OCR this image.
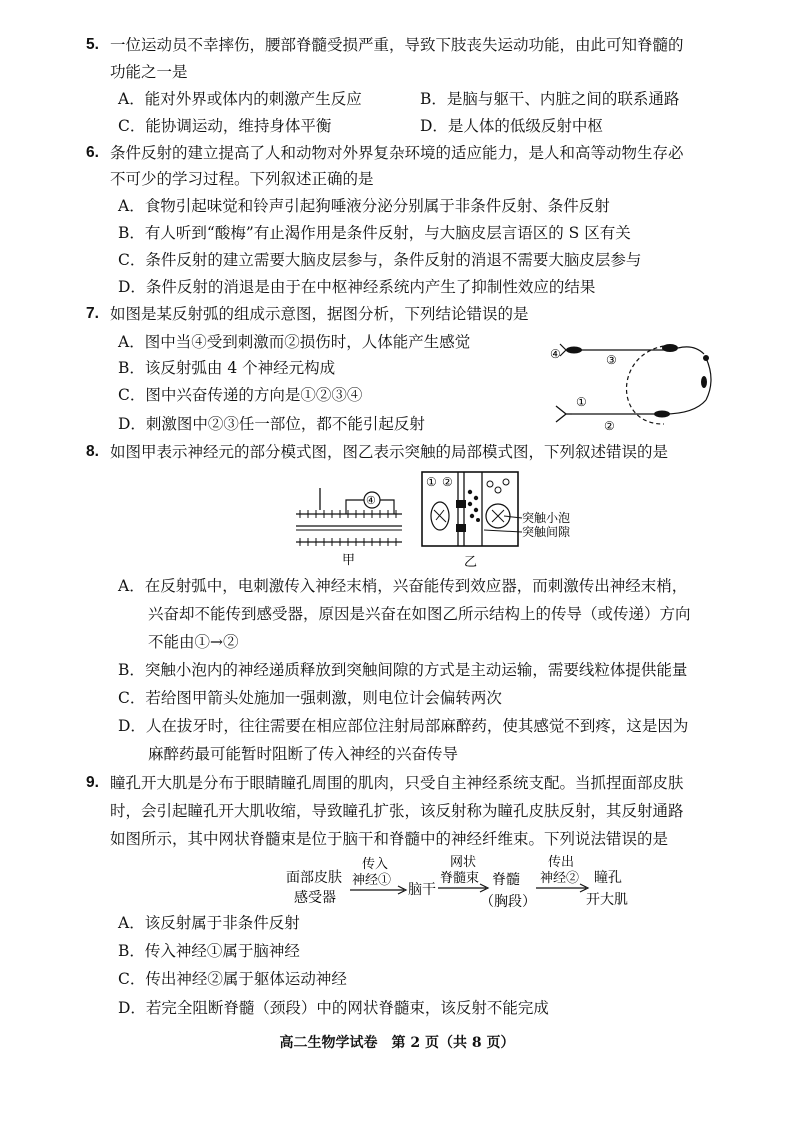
5. 一位运动员不幸摔伤，腰部脊髓受损严重，导致下肢丧失运动功能，由此可知脊髓的
功能之一是
A．能对外界或体内的刺激产生反应	B．是脑与躯干、内脏之间的联系通路
C．能协调运动，维持身体平衡	D．是人体的低级反射中枢
6. 条件反射的建立提高了人和动物对外界复杂环境的适应能力，是人和高等动物生存必
不可少的学习过程。下列叙述正确的是
A．食物引起味觉和铃声引起狗唾液分泌分别属于非条件反射、条件反射
B．有人听到“酸梅”有止渴作用是条件反射，与大脑皮层言语区的 S 区有关
C．条件反射的建立需要大脑皮层参与，条件反射的消退不需要大脑皮层参与
D．条件反射的消退是由于在中枢神经系统内产生了抑制性效应的结果
7. 如图是某反射弧的组成示意图，据图分析，下列结论错误的是
A．图中当④受到刺激而②损伤时，人体能产生感觉
B．该反射弧由 4 个神经元构成
C．图中兴奋传递的方向是①②③④
D．刺激图中②③任一部位，都不能引起反射
④	③
①
②
8. 如图甲表示神经元的部分模式图，图乙表示突触的局部模式图，下列叙述错误的是
④
甲
① ②
突触小泡
突触间隙
乙
A．在反射弧中，电刺激传入神经末梢，兴奋能传到效应器，而刺激传出神经末梢，
兴奋却不能传到感受器，原因是兴奋在如图乙所示结构上的传导（或传递）方向
不能由①→②
B．突触小泡内的神经递质释放到突触间隙的方式是主动运输，需要线粒体提供能量
C．若给图甲箭头处施加一强刺激，则电位计会偏转两次
D．人在拔牙时，往往需要在相应部位注射局部麻醉药，使其感觉不到疼，这是因为
麻醉药最可能暂时阻断了传入神经的兴奋传导
9. 瞳孔开大肌是分布于眼睛瞳孔周围的肌肉，只受自主神经系统支配。当抓捏面部皮肤
时，会引起瞳孔开大肌收缩，导致瞳孔扩张，该反射称为瞳孔皮肤反射，其反射通路
如图所示，其中网状脊髓束是位于脑干和脊髓中的神经纤维束。下列说法错误的是
面部皮肤
感受器
传入
神经①
脑干
网状
脊髓束 脊髓
（胸段）
传出
神经② 瞳孔
开大肌
A．该反射属于非条件反射
B．传入神经①属于脑神经
C．传出神经②属于躯体运动神经
D．若完全阻断脊髓（颈段）中的网状脊髓束，该反射不能完成
高二生物学试卷　第 2 页（共 8 页）
